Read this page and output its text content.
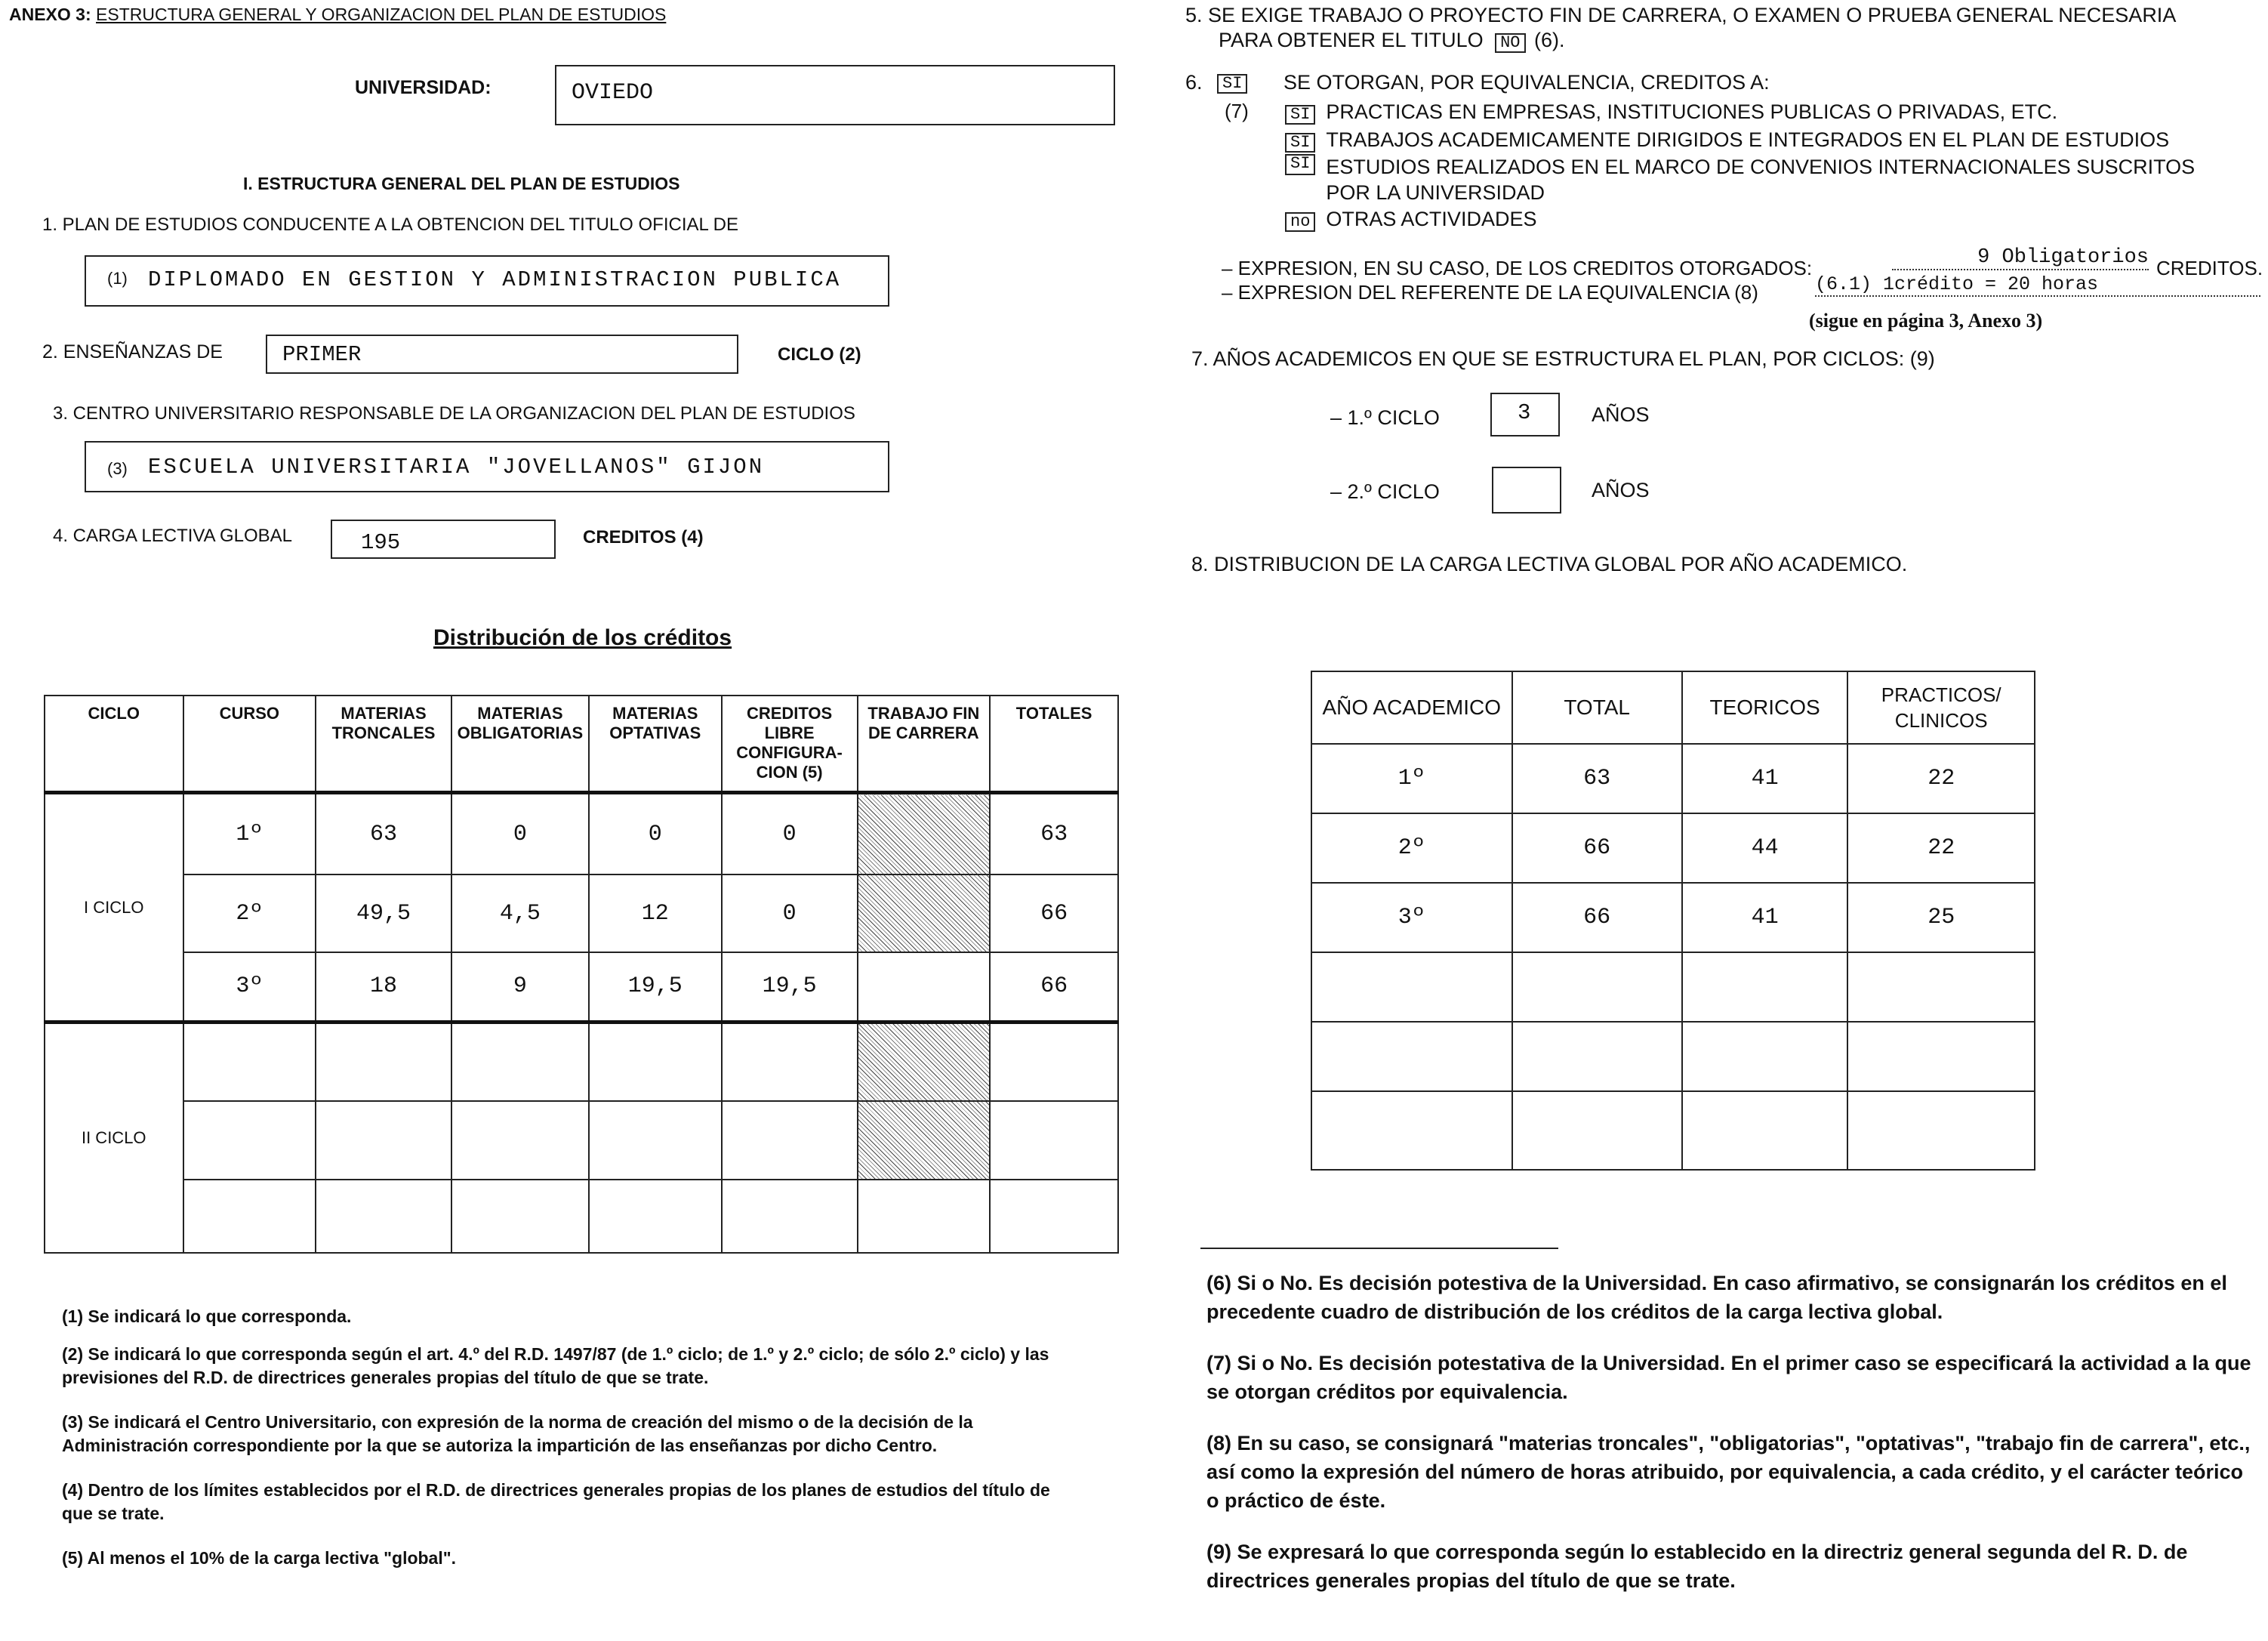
ANEXO 3: ESTRUCTURA GENERAL Y ORGANIZACION DEL PLAN DE ESTUDIOS
UNIVERSIDAD:	OVIEDO
I. ESTRUCTURA GENERAL DEL PLAN DE ESTUDIOS
1. PLAN DE ESTUDIOS CONDUCENTE A LA OBTENCION DEL TITULO OFICIAL DE
(1) DIPLOMADO EN GESTION Y ADMINISTRACION PUBLICA
2. ENSEÑANZAS DE	PRIMER	CICLO (2)
3. CENTRO UNIVERSITARIO RESPONSABLE DE LA ORGANIZACION DEL PLAN DE ESTUDIOS
(3) ESCUELA UNIVERSITARIA "JOVELLANOS" GIJON
4. CARGA LECTIVA GLOBAL	195	CREDITOS (4)
Distribución de los créditos
CICLO	CURSO	MATERIAS TRONCALES	MATERIAS OBLIGATORIAS	MATERIAS OPTATIVAS	CREDITOS LIBRE CONFIGURA-CION (5)	TRABAJO FIN DE CARRERA	TOTALES
I CICLO	1º	63	0	0	0		63
	2º	49,5	4,5	12	0		66
	3º	18	9	19,5	19,5		66
II CICLO							

(1) Se indicará lo que corresponda.
(2) Se indicará lo que corresponda según el art. 4.º del R.D. 1497/87 (de 1.º ciclo; de 1.º y 2.º ciclo; de sólo 2.º ciclo) y las previsiones del R.D. de directrices generales propias del título de que se trate.
(3) Se indicará el Centro Universitario, con expresión de la norma de creación del mismo o de la decisión de la Administración correspondiente por la que se autoriza la impartición de las enseñanzas por dicho Centro.
(4) Dentro de los límites establecidos por el R.D. de directrices generales propias de los planes de estudios del título de que se trate.
(5) Al menos el 10% de la carga lectiva "global".
5. SE EXIGE TRABAJO O PROYECTO FIN DE CARRERA, O EXAMEN O PRUEBA GENERAL NECESARIA
PARA OBTENER EL TITULO NO (6).
6.	SI
(7)
SE OTORGAN, POR EQUIVALENCIA, CREDITOS A:
SI PRACTICAS EN EMPRESAS, INSTITUCIONES PUBLICAS O PRIVADAS, ETC.
SI TRABAJOS ACADEMICAMENTE DIRIGIDOS E INTEGRADOS EN EL PLAN DE ESTUDIOS
SI ESTUDIOS REALIZADOS EN EL MARCO DE CONVENIOS INTERNACIONALES SUSCRITOS POR LA UNIVERSIDAD
no OTRAS ACTIVIDADES
– EXPRESION, EN SU CASO, DE LOS CREDITOS OTORGADOS:	9 Obligatorios CREDITOS.
– EXPRESION DEL REFERENTE DE LA EQUIVALENCIA (8)	(6.1) 1crédito = 20 horas
(sigue en página 3, Anexo 3)
7. AÑOS ACADEMICOS EN QUE SE ESTRUCTURA EL PLAN, POR CICLOS: (9)
– 1.º CICLO	3	AÑOS
– 2.º CICLO	AÑOS
8. DISTRIBUCION DE LA CARGA LECTIVA GLOBAL POR AÑO ACADEMICO.
AÑO ACADEMICO	TOTAL	TEORICOS	PRACTICOS/ CLINICOS
1º	63	41	22
2º	66	44	22
3º	66	41	25

(6) Si o No. Es decisión potestiva de la Universidad. En caso afirmativo, se consignarán los créditos en el precedente cuadro de distribución de los créditos de la carga lectiva global.
(7) Si o No. Es decisión potestativa de la Universidad. En el primer caso se especificará la actividad a la que se otorgan créditos por equivalencia.
(8) En su caso, se consignará "materias troncales", "obligatorias", "optativas", "trabajo fin de carrera", etc., así como la expresión del número de horas atribuido, por equivalencia, a cada crédito, y el carácter teórico o práctico de éste.
(9) Se expresará lo que corresponda según lo establecido en la directriz general segunda del R. D. de directrices generales propias del título de que se trate.
